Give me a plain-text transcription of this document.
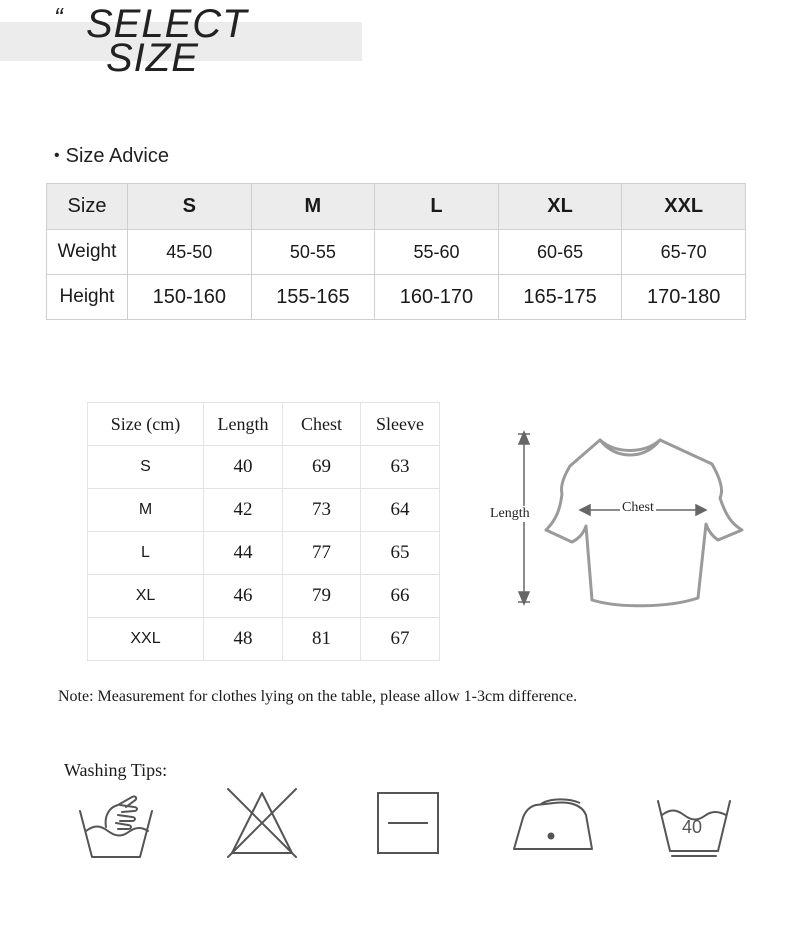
“ SELECT
SIZE
• Size Advice
Size	S	M	L	XL	XXL
Weight	45-50	50-55	55-60	60-65	65-70
Height	150-160	155-165	160-170	165-175	170-180
Size (cm)	Length	Chest	Sleeve
S	40	69	63
M	42	73	64
L	44	77	65
XL	46	79	66
XXL	48	81	67
Length	Chest
Note: Measurement for clothes lying on the table, please allow 1-3cm difference.
Washing Tips:
40
